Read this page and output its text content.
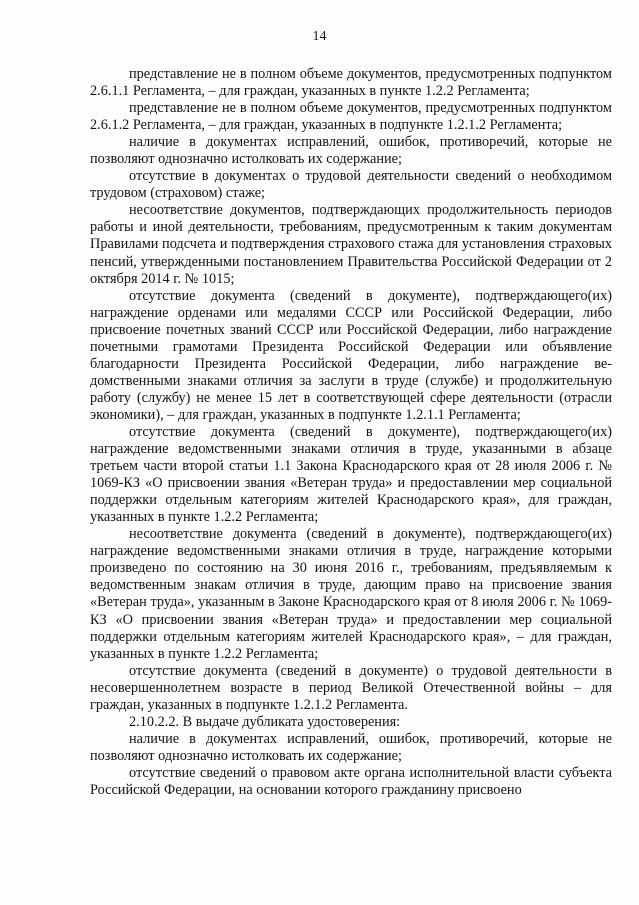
14

представление не в полном объеме документов, предусмотренных подпунктом 2.6.1.1 Регламента, – для граждан, указанных в пункте 1.2.2 Регламента;

представление не в полном объеме документов, предусмотренных подпунктом 2.6.1.2 Регламента, – для граждан, указанных в подпункте 1.2.1.2 Регламента;

наличие в документах исправлений, ошибок, противоречий, которые не позволяют однозначно истолковать их содержание;

отсутствие в документах о трудовой деятельности сведений о необходимом трудовом (страховом) стаже;

несоответствие документов, подтверждающих продолжительность периодов работы и иной деятельности, требованиям, предусмотренным к таким документам Правилами подсчета и подтверждения страхового стажа для установления страховых пенсий, утвержденными постановлением Правительства Российской Федерации от 2 октября 2014 г. № 1015;

отсутствие документа (сведений в документе), подтверждающего(их) награждение орденами или медалями СССР или Российской Федерации, либо присвоение почетных званий СССР или Российской Федерации, либо награждение почетными грамотами Президента Российской Федерации или объявление благодарности Президента Российской Федерации, либо награждение ведомственными знаками отличия за заслуги в труде (службе) и продолжительную работу (службу) не менее 15 лет в соответствующей сфере деятельности (отрасли экономики), – для граждан, указанных в подпункте 1.2.1.1 Регламента;

отсутствие документа (сведений в документе), подтверждающего(их) награждение ведомственными знаками отличия в труде, указанными в абзаце третьем части второй статьи 1.1 Закона Краснодарского края от 28 июля 2006 г. № 1069-КЗ «О присвоении звания «Ветеран труда» и предоставлении мер социальной поддержки отдельным категориям жителей Краснодарского края», для граждан, указанных в пункте 1.2.2 Регламента;

несоответствие документа (сведений в документе), подтверждающего(их) награждение ведомственными знаками отличия в труде, награждение которыми произведено по состоянию на 30 июня 2016 г., требованиям, предъявляемым к ведомственным знакам отличия в труде, дающим право на присвоение звания «Ветеран труда», указанным в Законе Краснодарского края от 8 июля 2006 г. № 1069-КЗ «О присвоении звания «Ветеран труда» и предоставлении мер социальной поддержки отдельным категориям жителей Краснодарского края», – для граждан, указанных в пункте 1.2.2 Регламента;

отсутствие документа (сведений в документе) о трудовой деятельности в несовершеннолетнем возрасте в период Великой Отечественной войны – для граждан, указанных в подпункте 1.2.1.2 Регламента.

2.10.2.2. В выдаче дубликата удостоверения:

наличие в документах исправлений, ошибок, противоречий, которые не позволяют однозначно истолковать их содержание;

отсутствие сведений о правовом акте органа исполнительной власти субъекта Российской Федерации, на основании которого гражданину присвоено
